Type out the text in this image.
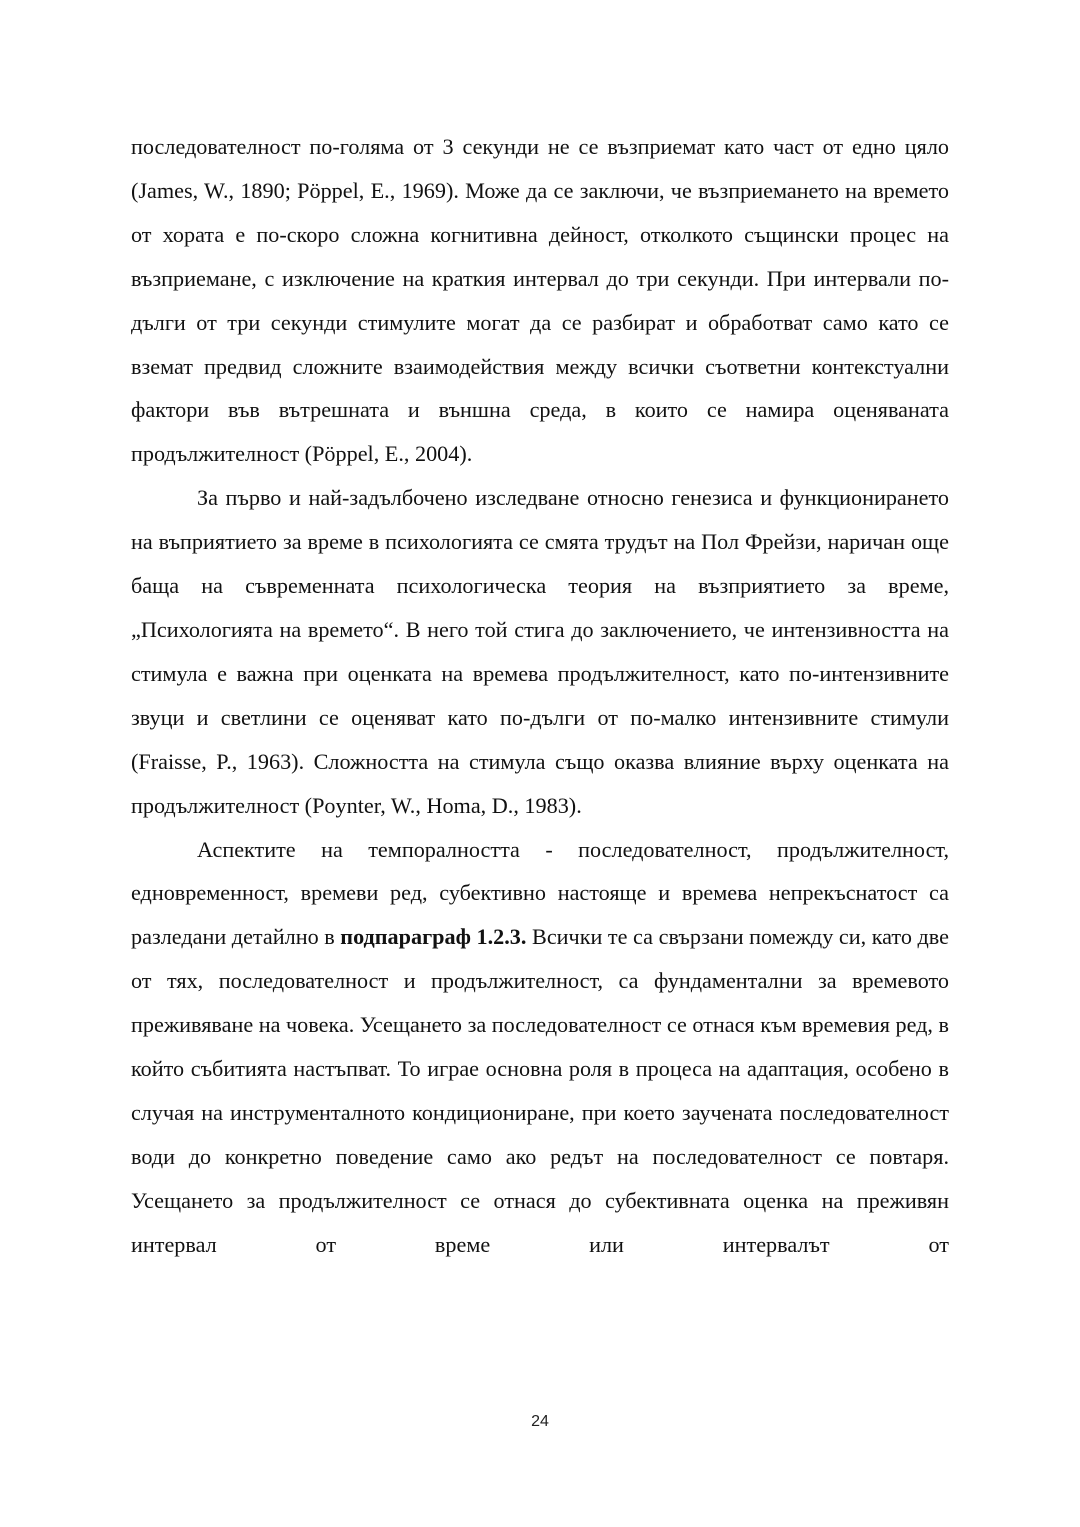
последователност по-голяма от 3 секунди не се възприемат като част от едно цяло (James, W., 1890; Pöppel, E., 1969). Може да се заключи, че възприемането на времето от хората е по-скоро сложна когнитивна дейност, отколкото същински процес на възприемане, с изключение на краткия интервал до три секунди. При интервали по-дълги от три секунди стимулите могат да се разбират и обработват само като се вземат предвид сложните взаимодействия между всички съответни контекстуални фактори във вътрешната и външна среда, в които се намира оценяваната продължителност (Pöppel, E., 2004).

За първо и най-задълбочено изследване относно генезиса и функционирането на въприятието за време в психологията се смята трудът на Пол Фрейзи, наричан още баща на съвременната психологическа теория на възприятието за време, „Психологията на времето“. В него той стига до заключението, че интензивността на стимула е важна при оценката на времева продължителност, като по-интензивните звуци и светлини се оценяват като по-дълги от по-малко интензивните стимули (Fraisse, P., 1963). Сложността на стимула също оказва влияние върху оценката на продължителност (Poynter, W., Homa, D., 1983).

Аспектите на темпоралността - последователност, продължителност, едновременност, времеви ред, субективно настояще и времева непрекъснатост са разледани детайлно в подпараграф 1.2.3. Всички те са свързани помежду си, като две от тях, последователност и продължителност, са фундаментални за времевото преживяване на човека. Усещането за последователност се отнася към времевия ред, в който събитията настъпват. То играе основна роля в процеса на адаптация, особено в случая на инструменталното кондициониране, при което заучената последователност води до конкретно поведение само ако редът на последователност се повтаря. Усещането за продължителност се отнася до субективната оценка на преживян интервал от време или интервалът от

24
